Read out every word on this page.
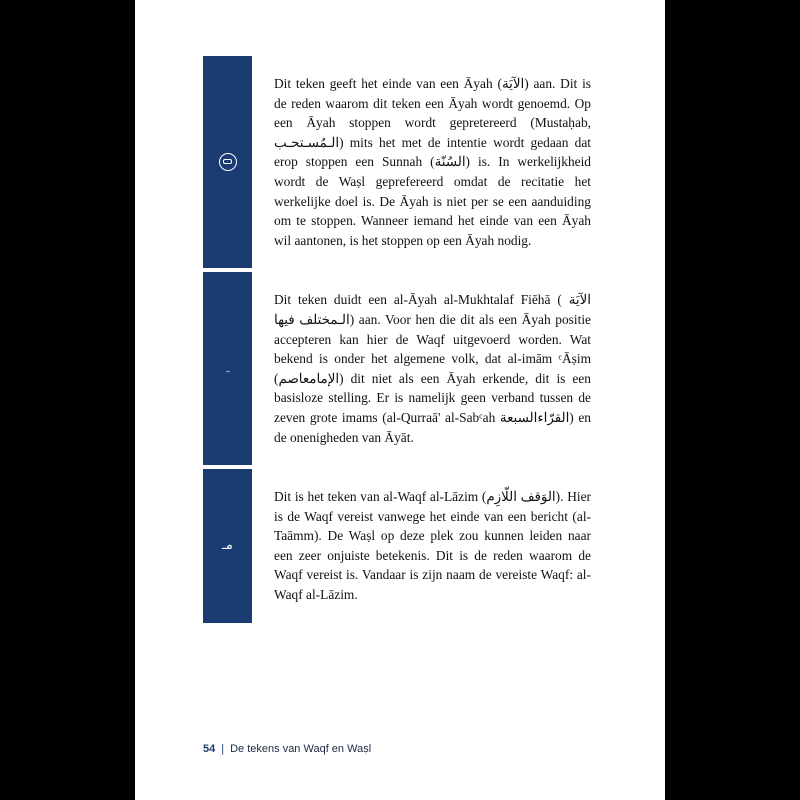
Dit teken geeft het einde van een Āyah (الآيَة) aan. Dit is de reden waarom dit teken een Āyah wordt genoemd. Op een Āyah stoppen wordt gepretereerd (Mustaḥab, الـمُسـتحـب) mits het met de intentie wordt gedaan dat erop stoppen een Sunnah (السُنّة) is. In werkelijkheid wordt de Waṣl geprefereerd omdat de recitatie het werkelijke doel is. De Āyah is niet per se een aanduiding om te stoppen. Wanneer iemand het einde van een Āyah wil aantonen, is het stoppen op een Āyah nodig.

ﮧ

Dit teken duidt een al-Āyah al-Mukhtalaf Fiēhā ( الآيَة الـمختلف فيها) aan. Voor hen die dit als een Āyah positie accepteren kan hier de Waqf uitgevoerd worden. Wat bekend is onder het algemene volk, dat al-imām ᶜĀṣim (الإمامعاصم) dit niet als een Āyah erkende, dit is een basisloze stelling. Er is namelijk geen verband tussen de zeven grote imams (al-Qurraā' al-Sabᶜah القرّاءالسبعة) en de onenigheden van Āyāt.

مـ

Dit is het teken van al-Waqf al-Lāzim (الوَقف اللّازِم). Hier is de Waqf vereist vanwege het einde van een bericht (al-Taāmm). De Waṣl op deze plek zou kunnen leiden naar een zeer onjuiste betekenis. Dit is de reden waarom de Waqf vereist is. Vandaar is zijn naam de vereiste Waqf: al-Waqf al-Lāzim.

54 | De tekens van Waqf en Waṣl
